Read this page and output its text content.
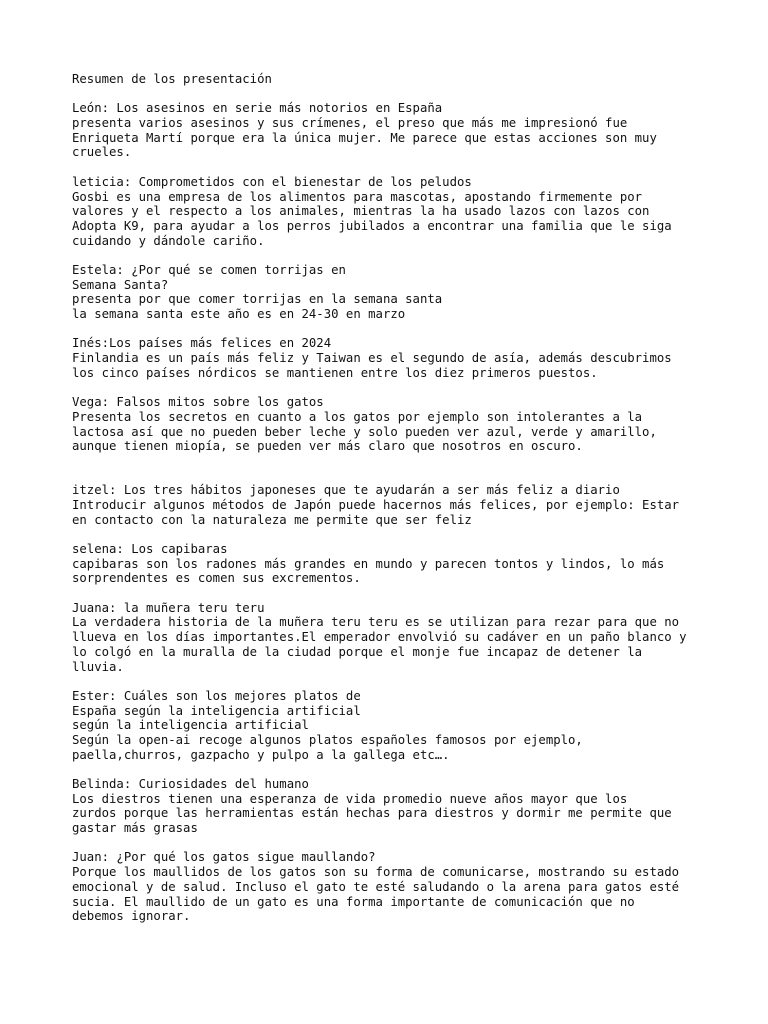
Resumen de los presentación
León: Los asesinos en serie más notorios en España
presenta varios asesinos y sus crímenes, el preso que más me impresionó fue
Enriqueta Martí porque era la única mujer. Me parece que estas acciones son muy
crueles.
leticia: Comprometidos con el bienestar de los peludos
Gosbi es una empresa de los alimentos para mascotas, apostando firmemente por
valores y el respecto a los animales, mientras la ha usado lazos con lazos con
Adopta K9, para ayudar a los perros jubilados a encontrar una familia que le siga
cuidando y dándole cariño.
Estela: ¿Por qué se comen torrijas en
Semana Santa?
presenta por que comer torrijas en la semana santa
la semana santa este año es en 24-30 en marzo
Inés:Los países más felices en 2024
Finlandia es un país más feliz y Taiwan es el segundo de asía, además descubrimos
los cinco países nórdicos se mantienen entre los diez primeros puestos.
Vega: Falsos mitos sobre los gatos
Presenta los secretos en cuanto a los gatos por ejemplo son intolerantes a la
lactosa así que no pueden beber leche y solo pueden ver azul, verde y amarillo,
aunque tienen miopía, se pueden ver más claro que nosotros en oscuro.
itzel: Los tres hábitos japoneses que te ayudarán a ser más feliz a diario
Introducir algunos métodos de Japón puede hacernos más felices, por ejemplo: Estar
en contacto con la naturaleza me permite que ser feliz
selena: Los capibaras
capibaras son los radones más grandes en mundo y parecen tontos y lindos, lo más
sorprendentes es comen sus excrementos.
Juana: la muñera teru teru
La verdadera historia de la muñera teru teru es se utilizan para rezar para que no
llueva en los días importantes.El emperador envolvió su cadáver en un paño blanco y
lo colgó en la muralla de la ciudad porque el monje fue incapaz de detener la
lluvia.
Ester: Cuáles son los mejores platos de
España según la inteligencia artificial
según la inteligencia artificial
Según la open-ai recoge algunos platos españoles famosos por ejemplo,
paella,churros, gazpacho y pulpo a la gallega etc….
Belinda: Curiosidades del humano
Los diestros tienen una esperanza de vida promedio nueve años mayor que los
zurdos porque las herramientas están hechas para diestros y dormir me permite que
gastar más grasas
Juan: ¿Por qué los gatos sigue maullando?
Porque los maullidos de los gatos son su forma de comunicarse, mostrando su estado
emocional y de salud. Incluso el gato te esté saludando o la arena para gatos esté
sucia. El maullido de un gato es una forma importante de comunicación que no
debemos ignorar.
